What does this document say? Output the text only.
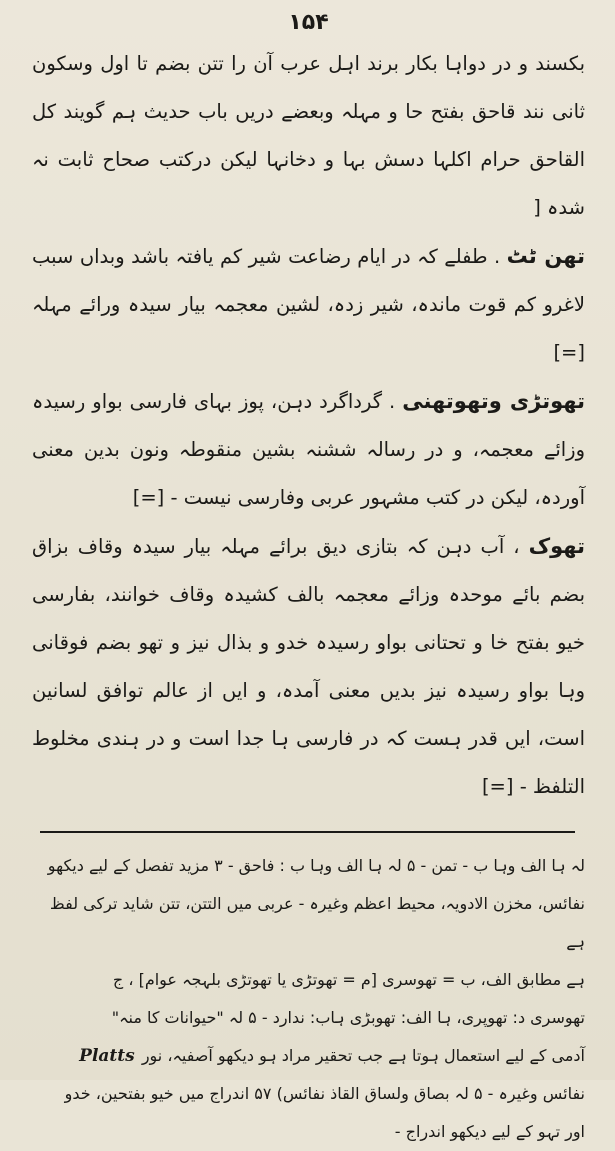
۱۵۴

بکسند و در دواہا بکار برند اہل عرب آن را تتن بضم تا اول وسکون ثانی نند قاحق بفتح حا و مہلہ وبعضے دریں باب حدیث ہم گویند کل القاحق حرام اکلہا دسش بہا و دخانہا لیکن درکتب صحاح ثابت نہ شدہ [

تھن ٹٹ . طفلے کہ در ایام رضاعت شیر کم یافتہ باشد وبداں سبب لاغرو کم قوت ماندہ، شیر زدہ، لشین معجمہ بیار سیدہ ورائے مہلہ [=]

تھوتڑی وتھوتھنی . گرداگرد دہن، پوز بہای فارسی بواو رسیدہ وزائے معجمہ، و در رسالہ ششنہ بشین منقوطہ ونون بدین معنی آوردہ، لیکن در کتب مشہور عربی وفارسی نیست - [=]

تھوک ، آب دہن کہ بتازی دیق برائے مہلہ بیار سیدہ وقاف بزاق بضم بائے موحدہ وزائے معجمہ بالف کشیدہ وقاف خوانند، بفارسی خیو بفتح خا و تحتانی بواو رسیدہ خدو و بذال نیز و تھو بضم فوقانی وہا بواو رسیدہ نیز بدیں معنی آمدہ، و ایں از عالم توافق لسانین است، ایں قدر ہست کہ در فارسی ہا جدا است و در ہندی مخلوط التلفظ - [=]

لہ ہا الف وہا ب - تمن - ۵ لہ ہا الف وہا ب : فاحق - ۳ مزید تفصل کے لیے دیکھو نفائس، مخزن الادویہ، محیط اعظم وغیرہ - عربی میں التتن، تتن شاید ترکی لفظ ہے

ہے مطابق الف، ب = تھوسری [م = تھوتڑی یا تھوتڑی بلہجہ عوام] ، ج

تھوسری د: تھوپری، ہا الف: تھوبڑی ہاب: ندارد - ۵ لہ "حیوانات کا منہ"

آدمی کے لیے استعمال ہوتا ہے جب تحقیر مراد ہو دیکھو آصفیہ، نور Platts

نفائس وغیرہ - ۵ لہ بصاق ولساق القاذ نفائس) ۵۷ اندراج میں خیو بفتحین، خدو

اور تہو کے لیے دیکھو اندراج -
